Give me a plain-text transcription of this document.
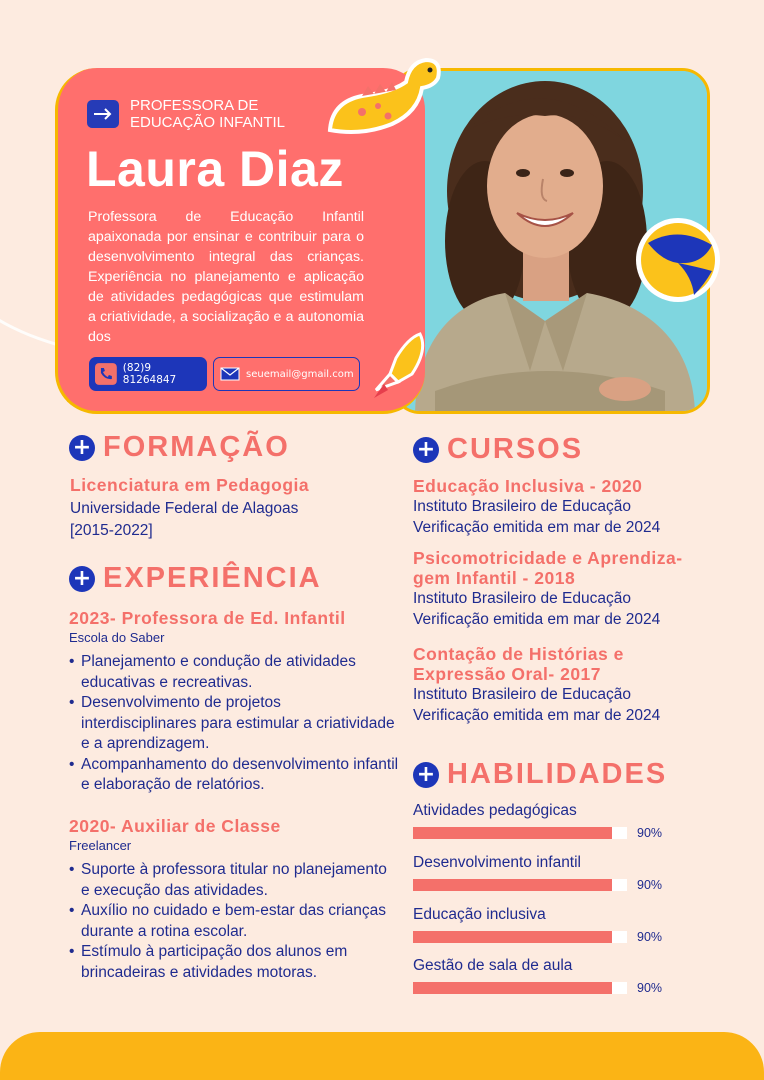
PROFESSORA DE EDUCAÇÃO INFANTIL
Laura Diaz
Professora de Educação Infantil apaixonada por ensinar e contribuir para o desenvolvimento integral das crianças. Experiência no planejamento e aplicação de atividades pedagógicas que estimulam a criatividade, a socialização e a autonomia dos
(82)9 81264847	seuemail@gmail.com
+ FORMAÇÃO
Licenciatura em Pedagogia
Universidade Federal de Alagoas
[2015-2022]
+ EXPERIÊNCIA
2023- Professora de Ed. Infantil
Escola do Saber
• Planejamento e condução de atividades educativas e recreativas.
• Desenvolvimento de projetos interdisciplinares para estimular a criatividade e a aprendizagem.
• Acompanhamento do desenvolvimento infantil e elaboração de relatórios.
2020- Auxiliar de Classe
Freelancer
• Suporte à professora titular no planejamento e execução das atividades.
• Auxílio no cuidado e bem-estar das crianças durante a rotina escolar.
• Estímulo à participação dos alunos em brincadeiras e atividades motoras.
+ CURSOS
Educação Inclusiva - 2020
Instituto Brasileiro de Educação
Verificação emitida em mar de 2024
Psicomotricidade e Aprendiza-gem Infantil - 2018
Instituto Brasileiro de Educação
Verificação emitida em mar de 2024
Contação de Histórias e Expressão Oral- 2017
Instituto Brasileiro de Educação
Verificação emitida em mar de 2024
+ HABILIDADES
Atividades pedagógicas
90%
Desenvolvimento infantil
90%
Educação inclusiva
90%
Gestão de sala de aula
90%
